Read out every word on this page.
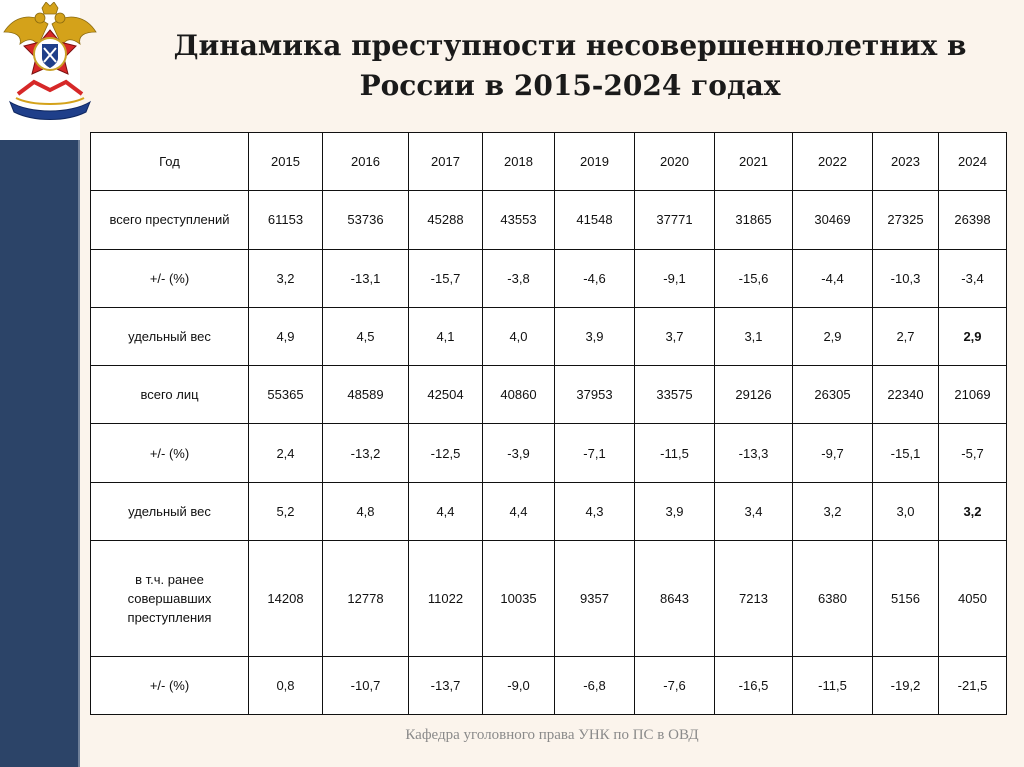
Динамика преступности несовершеннолетних в
России в 2015-2024 годах
Год	2015	2016	2017	2018	2019	2020	2021	2022	2023	2024
всего преступлений	61153	53736	45288	43553	41548	37771	31865	30469	27325	26398
+/- (%)	3,2	-13,1	-15,7	-3,8	-4,6	-9,1	-15,6	-4,4	-10,3	-3,4
удельный вес	4,9	4,5	4,1	4,0	3,9	3,7	3,1	2,9	2,7	2,9
всего лиц	55365	48589	42504	40860	37953	33575	29126	26305	22340	21069
+/- (%)	2,4	-13,2	-12,5	-3,9	-7,1	-11,5	-13,3	-9,7	-15,1	-5,7
удельный вес	5,2	4,8	4,4	4,4	4,3	3,9	3,4	3,2	3,0	3,2

в т.ч. ранее
совершавших
преступления	14208	12778	11022	10035	9357	8643	7213	6380	5156	4050
+/- (%)	0,8	-10,7	-13,7	-9,0	-6,8	-7,6	-16,5	-11,5	-19,2	-21,5
Кафедра уголовного права УНК по ПС в ОВД
